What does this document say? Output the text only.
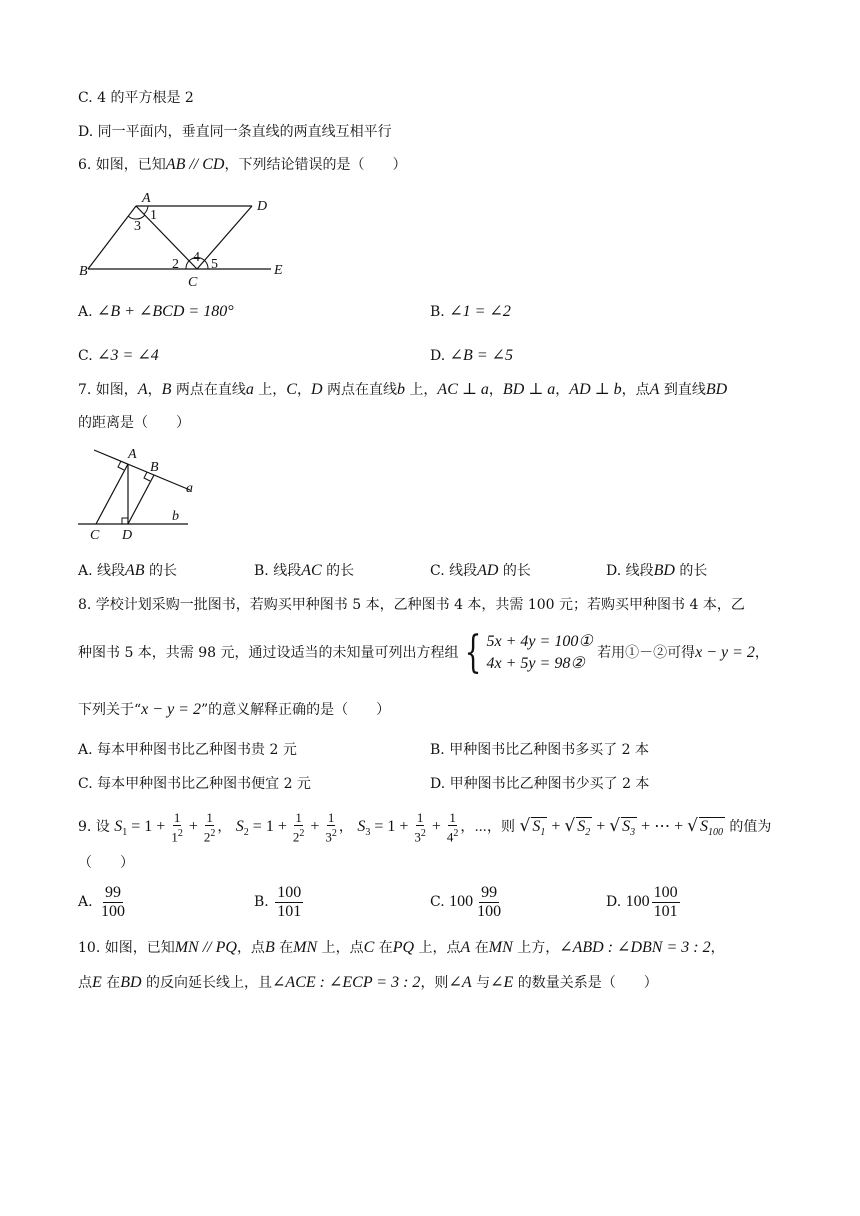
C. 4 的平方根是 2
D. 同一平面内，垂直同一条直线的两直线互相平行
6. 如图，已知AB // CD，下列结论错误的是（　　）
A
D
B
C
E
1
3
2 4 5
A. ∠B + ∠BCD = 180°	B. ∠1 = ∠2
C. ∠3 = ∠4	D. ∠B = ∠5
7. 如图，A，B 两点在直线a 上，C，D 两点在直线b 上，AC ⊥ a，BD ⊥ a，AD ⊥ b，点A 到直线BD
的距离是（　　）
A
B
a
b
C D
A. 线段AB 的长	B. 线段AC 的长	C. 线段AD 的长	D. 线段BD 的长
8. 学校计划采购一批图书，若购买甲种图书 5 本，乙种图书 4 本，共需 100 元；若购买甲种图书 4 本，乙
种图书 5 本，共需 98 元，通过设适当的未知量可列出方程组 { 5x + 4y = 100①
4x + 5y = 98②
若用①－②可得x − y = 2，
下列关于“x − y = 2”的意义解释正确的是（　　）
A. 每本甲种图书比乙种图书贵 2 元	B. 甲种图书比乙种图书多买了 2 本
C. 每本甲种图书比乙种图书便宜 2 元	D. 甲种图书比乙种图书少买了 2 本
9. 设 $S_1 = 1 + \frac{1}{1^2} + \frac{1}{2^2}$ ， $S_2 = 1 + \frac{1}{2^2} + \frac{1}{3^2}$ ， $S_3 = 1 + \frac{1}{3^2} + \frac{1}{4^2}$ ，⋯，则 √ $S_1$ + √ $S_2$ + √ $S_3$ + ⋯ + √ $S_{100}$ 的值为
（　　）
A. $\frac{99}{100}$	B. $\frac{100}{101}$	C. $100 \frac{99}{100}$	D. $100 \frac{100}{101}$
10. 如图，已知MN // PQ，点B 在MN 上，点C 在PQ 上，点A 在MN 上方，∠ABD : ∠DBN = 3 : 2，
点E 在BD 的反向延长线上，且∠ACE : ∠ECP = 3 : 2，则∠A 与∠E 的数量关系是（　　）
